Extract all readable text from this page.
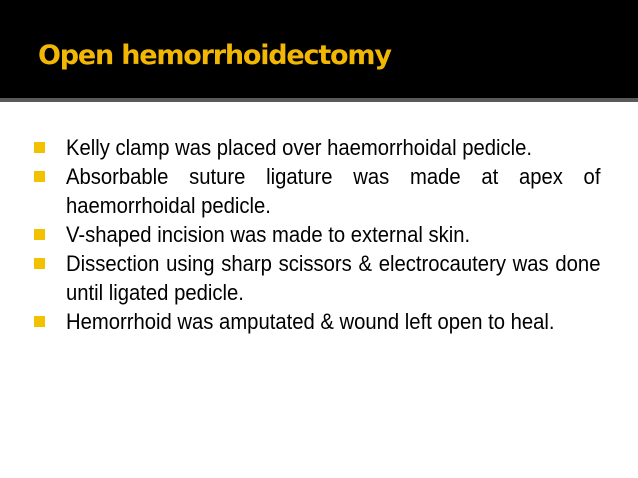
Open hemorrhoidectomy
Kelly clamp was placed over haemorrhoidal pedicle.
Absorbable suture ligature was made at apex of haemorrhoidal pedicle.
V-shaped incision was made to external skin.
Dissection using sharp scissors & electrocautery was done until ligated pedicle.
Hemorrhoid was amputated & wound left open to heal.
